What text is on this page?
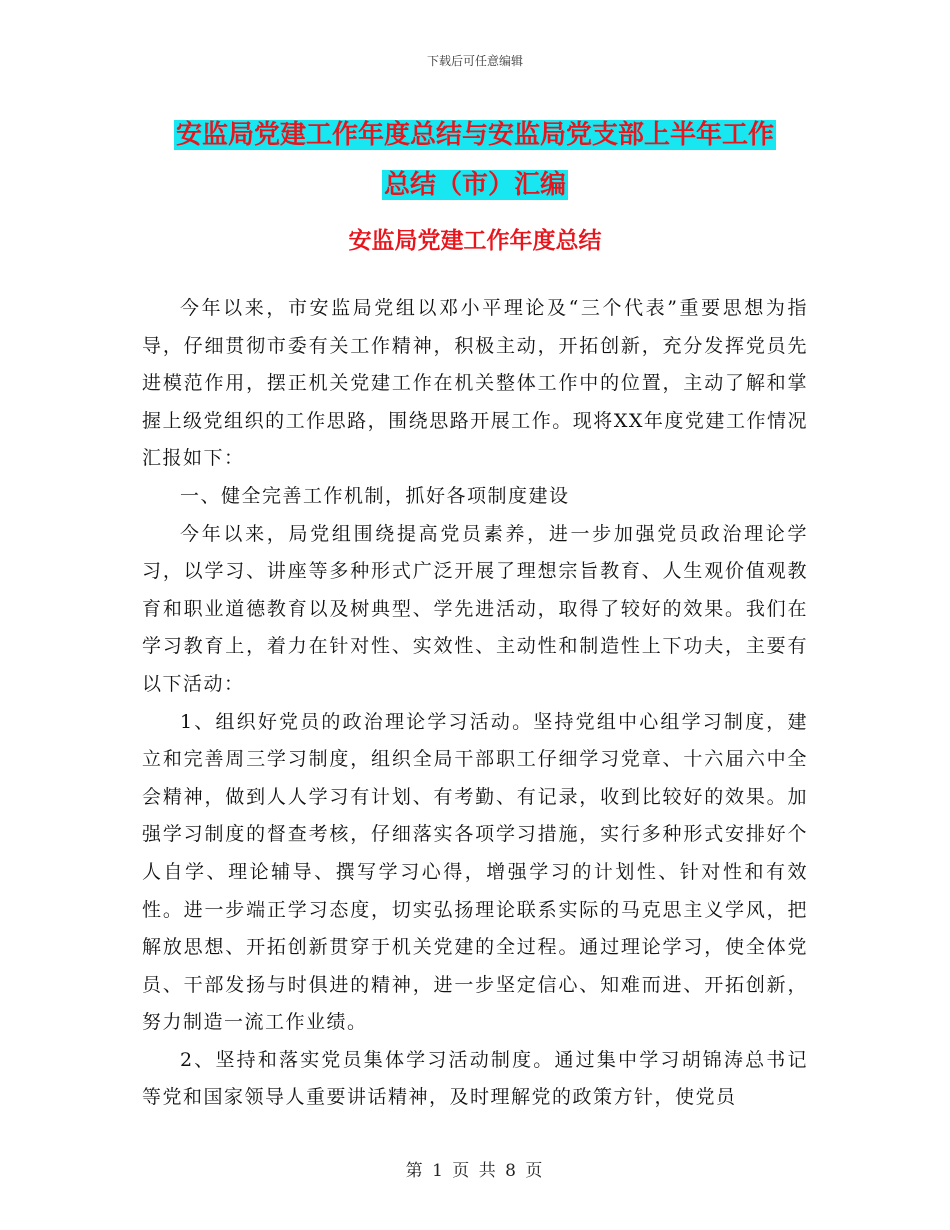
下载后可任意编辑
安监局党建工作年度总结与安监局党支部上半年工作
总结（市）汇编
安监局党建工作年度总结

今年以来，市安监局党组以邓小平理论及“三个代表”重要思想为指导，仔细贯彻市委有关工作精神，积极主动，开拓创新，充分发挥党员先进模范作用，摆正机关党建工作在机关整体工作中的位置，主动了解和掌握上级党组织的工作思路，围绕思路开展工作。现将XX年度党建工作情况汇报如下：

一、健全完善工作机制，抓好各项制度建设

今年以来，局党组围绕提高党员素养，进一步加强党员政治理论学习，以学习、讲座等多种形式广泛开展了理想宗旨教育、人生观价值观教育和职业道德教育以及树典型、学先进活动，取得了较好的效果。我们在学习教育上，着力在针对性、实效性、主动性和制造性上下功夫，主要有以下活动：

1、组织好党员的政治理论学习活动。坚持党组中心组学习制度，建立和完善周三学习制度，组织全局干部职工仔细学习党章、十六届六中全会精神，做到人人学习有计划、有考勤、有记录，收到比较好的效果。加强学习制度的督查考核，仔细落实各项学习措施，实行多种形式安排好个人自学、理论辅导、撰写学习心得，增强学习的计划性、针对性和有效性。进一步端正学习态度，切实弘扬理论联系实际的马克思主义学风，把解放思想、开拓创新贯穿于机关党建的全过程。通过理论学习，使全体党员、干部发扬与时俱进的精神，进一步坚定信心、知难而进、开拓创新，努力制造一流工作业绩。

2、坚持和落实党员集体学习活动制度。通过集中学习胡锦涛总书记等党和国家领导人重要讲话精神，及时理解党的政策方针，使党员

第 1 页 共 8 页
